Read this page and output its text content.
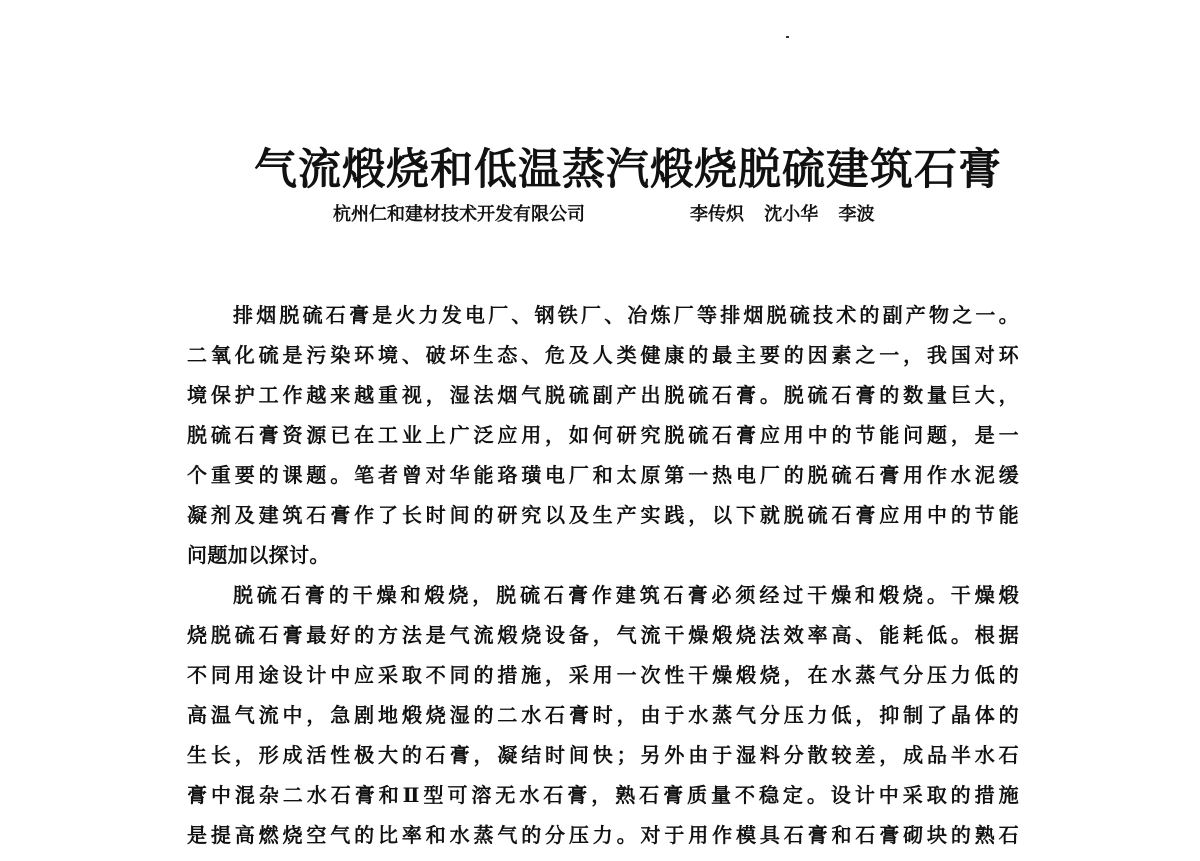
气流煅烧和低温蒸汽煅烧脱硫建筑石膏
杭州仁和建材技术开发有限公司	李传炽 沈小华 李波
排烟脱硫石膏是火力发电厂、钢铁厂、冶炼厂等排烟脱硫技术的副产物之一。
二氧化硫是污染环境、破坏生态、危及人类健康的最主要的因素之一，我国对环
境保护工作越来越重视，湿法烟气脱硫副产出脱硫石膏。脱硫石膏的数量巨大，
脱硫石膏资源已在工业上广泛应用，如何研究脱硫石膏应用中的节能问题，是一
个重要的课题。笔者曾对华能珞璜电厂和太原第一热电厂的脱硫石膏用作水泥缓
凝剂及建筑石膏作了长时间的研究以及生产实践，以下就脱硫石膏应用中的节能
问题加以探讨。
脱硫石膏的干燥和煅烧，脱硫石膏作建筑石膏必须经过干燥和煅烧。干燥煅
烧脱硫石膏最好的方法是气流煅烧设备，气流干燥煅烧法效率高、能耗低。根据
不同用途设计中应采取不同的措施，采用一次性干燥煅烧，在水蒸气分压力低的
高温气流中，急剧地煅烧湿的二水石膏时，由于水蒸气分压力低，抑制了晶体的
生长，形成活性极大的石膏，凝结时间快；另外由于湿料分散较差，成品半水石
膏中混杂二水石膏和Ⅱ型可溶无水石膏，熟石膏质量不稳定。设计中采取的措施
是提高燃烧空气的比率和水蒸气的分压力。对于用作模具石膏和石膏砌块的熟石
